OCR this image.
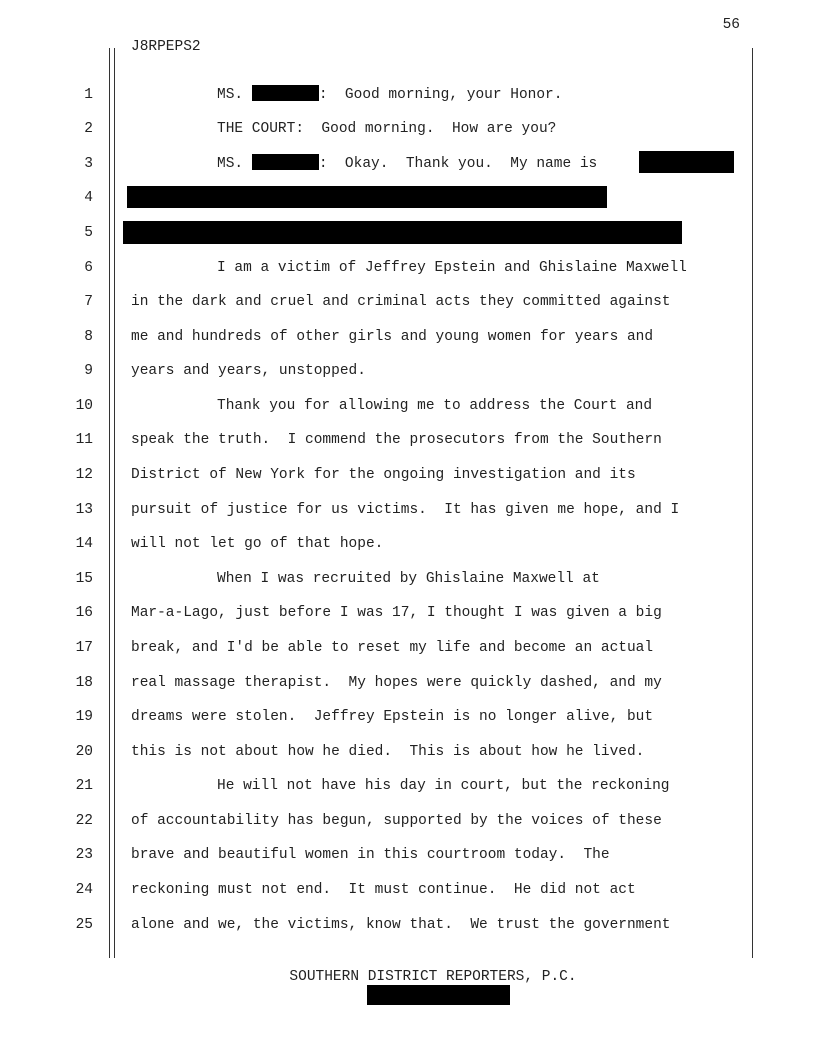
56
J8RPEPS2
1	MS.	:  Good morning, your Honor.
2	THE COURT:  Good morning.  How are you?
3	MS.	:  Okay.  Thank you.  My name is
4
5
6	I am a victim of Jeffrey Epstein and Ghislaine Maxwell
7	in the dark and cruel and criminal acts they committed against
8	me and hundreds of other girls and young women for years and
9	years and years, unstopped.
10	Thank you for allowing me to address the Court and
11	speak the truth.  I commend the prosecutors from the Southern
12	District of New York for the ongoing investigation and its
13	pursuit of justice for us victims.  It has given me hope, and I
14	will not let go of that hope.
15	When I was recruited by Ghislaine Maxwell at
16	Mar-a-Lago, just before I was 17, I thought I was given a big
17	break, and I'd be able to reset my life and become an actual
18	real massage therapist.  My hopes were quickly dashed, and my
19	dreams were stolen.  Jeffrey Epstein is no longer alive, but
20	this is not about how he died.  This is about how he lived.
21	He will not have his day in court, but the reckoning
22	of accountability has begun, supported by the voices of these
23	brave and beautiful women in this courtroom today.  The
24	reckoning must not end.  It must continue.  He did not act
25	alone and we, the victims, know that.  We trust the government
SOUTHERN DISTRICT REPORTERS, P.C.
